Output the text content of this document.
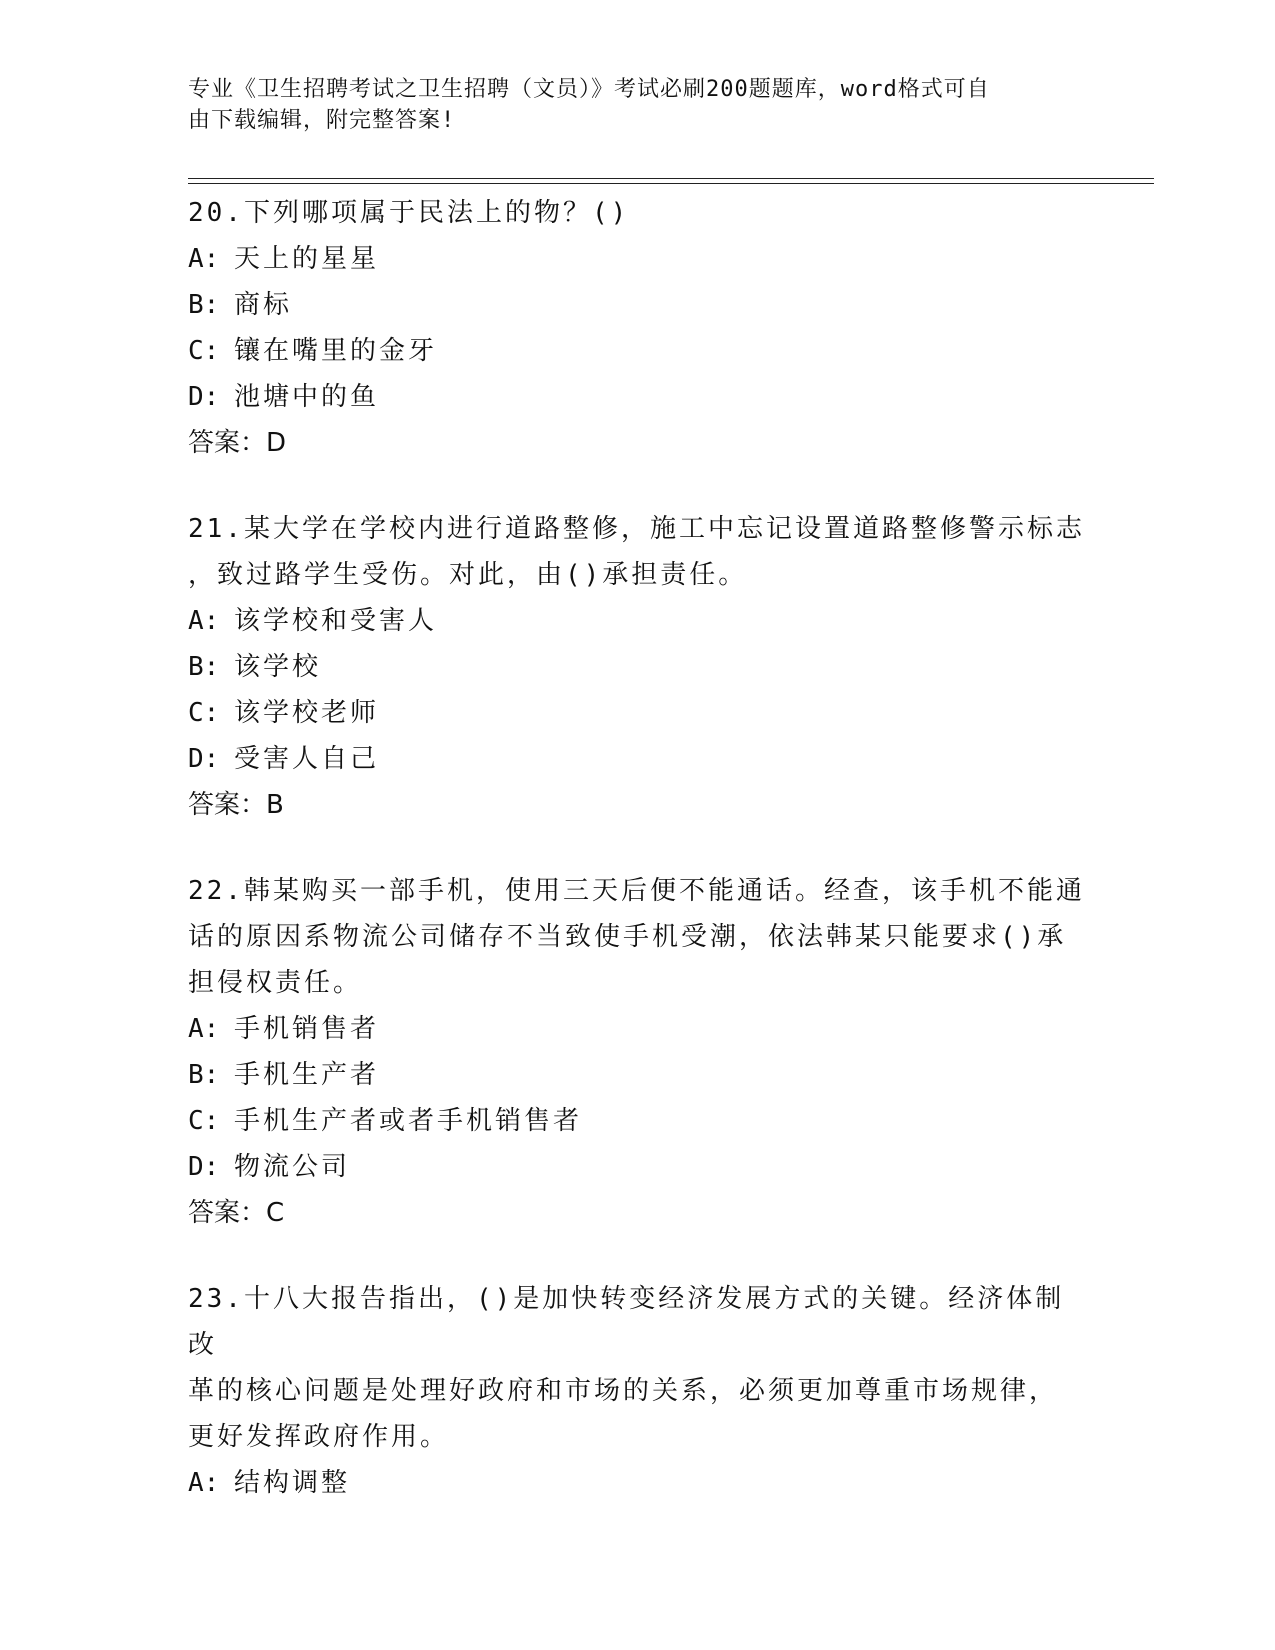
专业《卫生招聘考试之卫生招聘（文员）》考试必刷200题题库，word格式可自
由下载编辑，附完整答案!

20.下列哪项属于民法上的物？()

A: 天上的星星

B: 商标

C: 镶在嘴里的金牙

D: 池塘中的鱼

答案：D

21.某大学在学校内进行道路整修，施工中忘记设置道路整修警示标志

，致过路学生受伤。对此，由()承担责任。

A: 该学校和受害人

B: 该学校

C: 该学校老师

D: 受害人自己

答案：B

22.韩某购买一部手机，使用三天后便不能通话。经查，该手机不能通

话的原因系物流公司储存不当致使手机受潮，依法韩某只能要求()承

担侵权责任。

A: 手机销售者

B: 手机生产者

C: 手机生产者或者手机销售者

D: 物流公司

答案：C

23.十八大报告指出，()是加快转变经济发展方式的关键。经济体制改

革的核心问题是处理好政府和市场的关系，必须更加尊重市场规律，

更好发挥政府作用。

A: 结构调整
